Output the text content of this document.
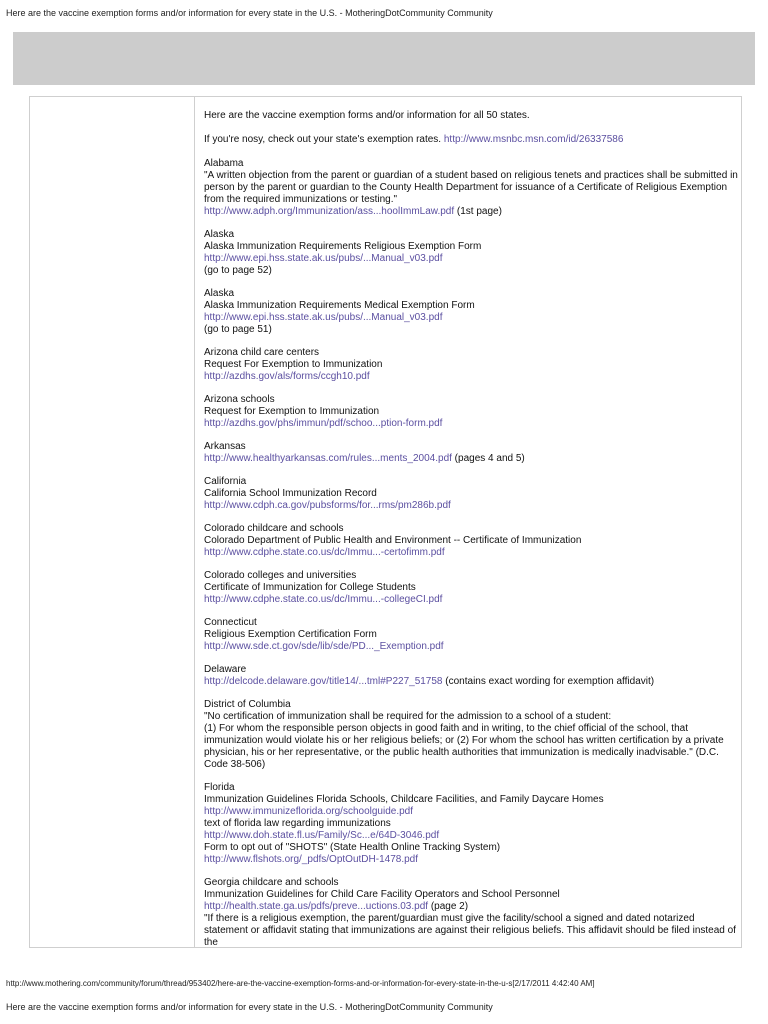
Here are the vaccine exemption forms and/or information for every state in the U.S. - MotheringDotCommunity Community

Here are the vaccine exemption forms and/or information for all 50 states.

If you're nosy, check out your state's exemption rates. http://www.msnbc.msn.com/id/26337586

Alabama
"A written objection from the parent or guardian of a student based on religious tenets and practices shall be submitted in person by the parent or guardian to the County Health Department for issuance of a Certificate of Religious Exemption from the required immunizations or testing."
http://www.adph.org/Immunization/ass...hoolImmLaw.pdf (1st page)
Alaska
Alaska Immunization Requirements Religious Exemption Form
http://www.epi.hss.state.ak.us/pubs/...Manual_v03.pdf
(go to page 52)
Alaska
Alaska Immunization Requirements Medical Exemption Form
http://www.epi.hss.state.ak.us/pubs/...Manual_v03.pdf
(go to page 51)
Arizona child care centers
Request For Exemption to Immunization
http://azdhs.gov/als/forms/ccgh10.pdf
Arizona schools
Request for Exemption to Immunization
http://azdhs.gov/phs/immun/pdf/schoo...ption-form.pdf
Arkansas
http://www.healthyarkansas.com/rules...ments_2004.pdf (pages 4 and 5)
California
California School Immunization Record
http://www.cdph.ca.gov/pubsforms/for...rms/pm286b.pdf
Colorado childcare and schools
Colorado Department of Public Health and Environment -- Certificate of Immunization
http://www.cdphe.state.co.us/dc/Immu...-certofimm.pdf
Colorado colleges and universities
Certificate of Immunization for College Students
http://www.cdphe.state.co.us/dc/Immu...-collegeCI.pdf
Connecticut
Religious Exemption Certification Form
http://www.sde.ct.gov/sde/lib/sde/PD..._Exemption.pdf
Delaware
http://delcode.delaware.gov/title14/...tml#P227_51758 (contains exact wording for exemption affidavit)
District of Columbia
"No certification of immunization shall be required for the admission to a school of a student:
(1) For whom the responsible person objects in good faith and in writing, to the chief official of the school, that immunization would violate his or her religious beliefs; or (2) For whom the school has written certification by a private physician, his or her representative, or the public health authorities that immunization is medically inadvisable." (D.C. Code 38-506)
Florida
Immunization Guidelines Florida Schools, Childcare Facilities, and Family Daycare Homes
http://www.immunizeflorida.org/schoolguide.pdf
text of florida law regarding immunizations
http://www.doh.state.fl.us/Family/Sc...e/64D-3046.pdf
Form to opt out of "SHOTS" (State Health Online Tracking System)
http://www.flshots.org/_pdfs/OptOutDH-1478.pdf
Georgia childcare and schools
Immunization Guidelines for Child Care Facility Operators and School Personnel
http://health.state.ga.us/pdfs/preve...uctions.03.pdf (page 2)
"If there is a religious exemption, the parent/guardian must give the facility/school a signed and dated notarized statement or affidavit stating that immunizations are against their religious beliefs. This affidavit should be filed instead of the
http://www.mothering.com/community/forum/thread/953402/here-are-the-vaccine-exemption-forms-and-or-information-for-every-state-in-the-u-s[2/17/2011 4:42:40 AM]
Here are the vaccine exemption forms and/or information for every state in the U.S. - MotheringDotCommunity Community
